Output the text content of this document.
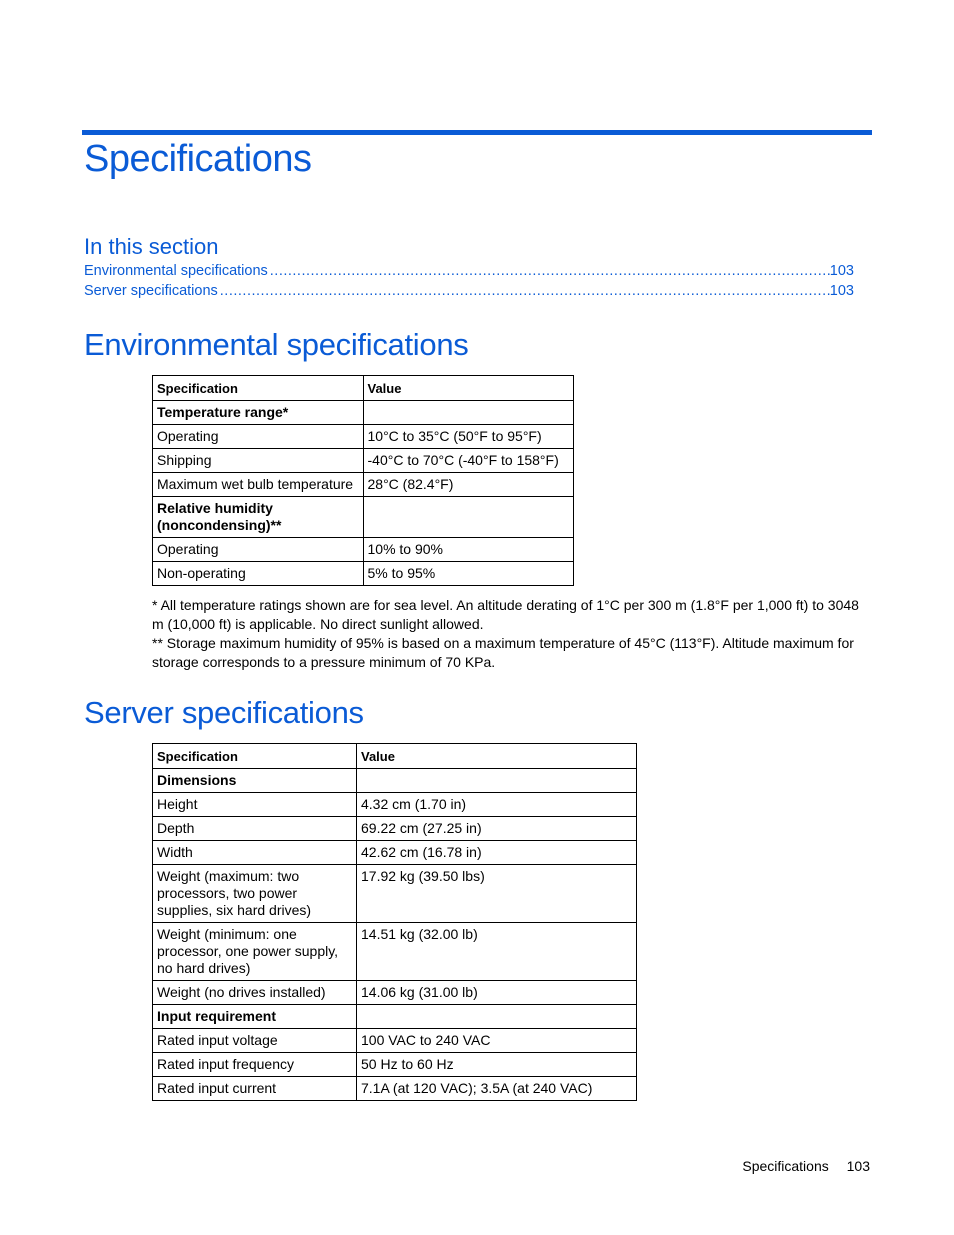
Specifications
In this section
Environmental specifications .....	103
Server specifications .....	103
Environmental specifications
Specification	Value
Temperature range*	
Operating	10°C to 35°C (50°F to 95°F)
Shipping	-40°C to 70°C (-40°F to 158°F)
Maximum wet bulb temperature	28°C (82.4°F)
Relative humidity (noncondensing)**	
Operating	10% to 90%
Non-operating	5% to 95%

* All temperature ratings shown are for sea level. An altitude derating of 1°C per 300 m (1.8°F per 1,000 ft) to 3048 m (10,000 ft) is applicable. No direct sunlight allowed.

** Storage maximum humidity of 95% is based on a maximum temperature of 45°C (113°F). Altitude maximum for storage corresponds to a pressure minimum of 70 KPa.

Server specifications
Specification	Value
Dimensions	
Height	4.32 cm (1.70 in)
Depth	69.22 cm (27.25 in)
Width	42.62 cm (16.78 in)
Weight (maximum: two processors, two power supplies, six hard drives)	17.92 kg (39.50 lbs)
Weight (minimum: one processor, one power supply, no hard drives)	14.51 kg (32.00 lb)
Weight (no drives installed)	14.06 kg (31.00 lb)
Input requirement	
Rated input voltage	100 VAC to 240 VAC
Rated input frequency	50 Hz to 60 Hz
Rated input current	7.1A (at 120 VAC); 3.5A (at 240 VAC)
Specifications 103
